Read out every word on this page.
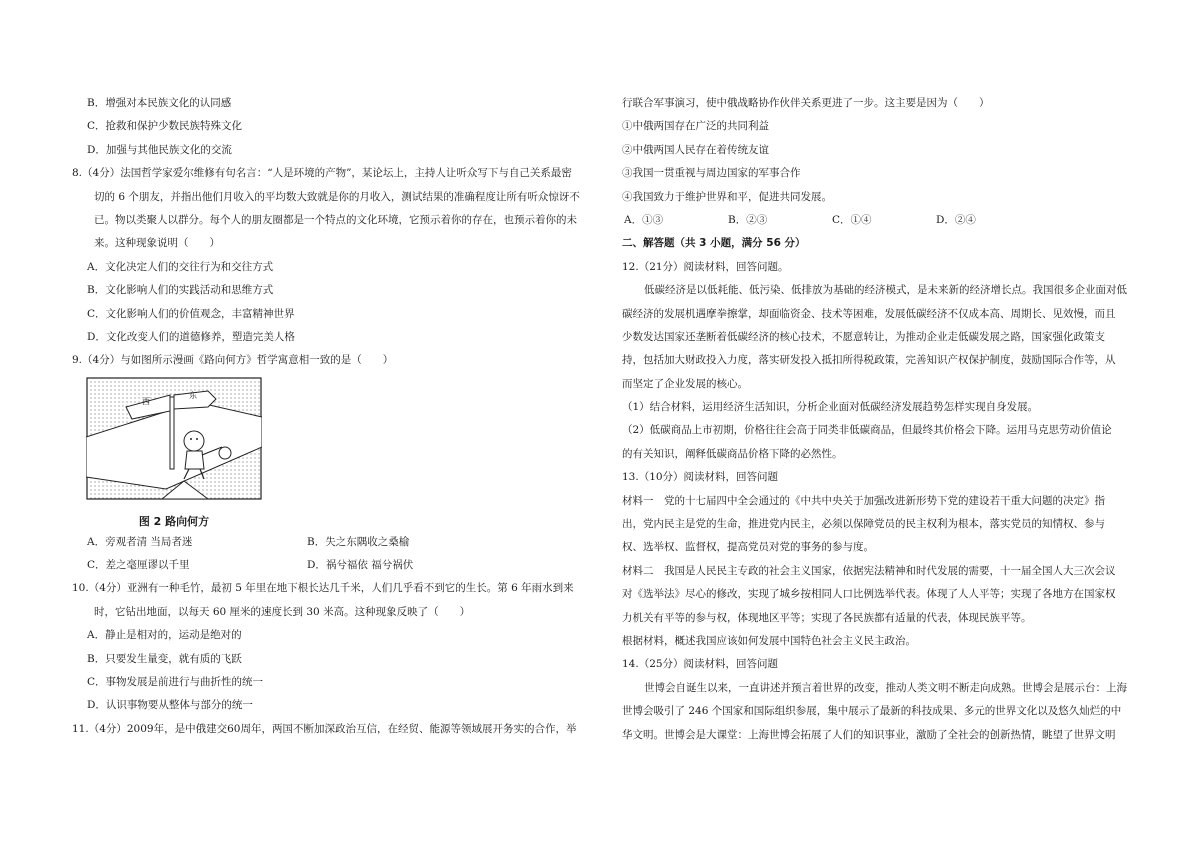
B．增强对本民族文化的认同感
C．抢救和保护少数民族特殊文化
D．加强与其他民族文化的交流
8.（4分）法国哲学家爱尔维修有句名言：“人是环境的产物”，某论坛上，主持人让听众写下与自己关系最密
切的 6 个朋友，并指出他们月收入的平均数大致就是你的月收入，测试结果的准确程度让所有听众惊讶不
已。物以类聚人以群分。每个人的朋友圈都是一个特点的文化环境，它预示着你的存在，也预示着你的未
来。这种现象说明（　　）
A．文化决定人们的交往行为和交往方式
B．文化影响人们的实践活动和思维方式
C．文化影响人们的价值观念，丰富精神世界
D．文化改变人们的道德修养，塑造完美人格
9.（4分）与如图所示漫画《路向何方》哲学寓意相一致的是（　　）
西
东
图 2 路向何方
A．旁观者清 当局者迷	B．失之东隅收之桑榆
C．差之毫厘谬以千里	D．祸兮福依 福兮祸伏
10.（4分）亚洲有一种毛竹，最初 5 年里在地下根长达几千米，人们几乎看不到它的生长。第 6 年雨水到来
时，它钻出地面，以每天 60 厘米的速度长到 30 米高。这种现象反映了（　　）
A．静止是相对的，运动是绝对的
B．只要发生量变，就有质的飞跃
C．事物发展是前进行与曲折性的统一
D．认识事物要从整体与部分的统一
11.（4分）2009年，是中俄建交60周年，两国不断加深政治互信，在经贸、能源等领域展开务实的合作，举
行联合军事演习，使中俄战略协作伙伴关系更进了一步。这主要是因为（　　）
①中俄两国存在广泛的共同利益
②中俄两国人民存在着传统友谊
③我国一贯重视与周边国家的军事合作
④我国致力于维护世界和平，促进共同发展。
A．①③	B．②③	C．①④	D．②④
二、解答题（共 3 小题，满分 56 分）
12.（21分）阅读材料，回答问题。
低碳经济是以低耗能、低污染、低排放为基础的经济模式，是未来新的经济增长点。我国很多企业面对低
碳经济的发展机遇摩拳擦掌，却面临资金、技术等困难，发展低碳经济不仅成本高、周期长、见效慢，而且
少数发达国家还垄断着低碳经济的核心技术，不愿意转让，为推动企业走低碳发展之路，国家强化政策支
持，包括加大财政投入力度，落实研发投入抵扣所得税政策，完善知识产权保护制度，鼓励国际合作等，从
而坚定了企业发展的核心。
（1）结合材料，运用经济生活知识，分析企业面对低碳经济发展趋势怎样实现自身发展。
（2）低碳商品上市初期，价格往往会高于同类非低碳商品，但最终其价格会下降。运用马克思劳动价值论
的有关知识，阐释低碳商品价格下降的必然性。
13.（10分）阅读材料，回答问题
材料一　党的十七届四中全会通过的《中共中央关于加强改进新形势下党的建设若干重大问题的决定》指
出，党内民主是党的生命，推进党内民主，必须以保障党员的民主权利为根本，落实党员的知情权、参与
权、选举权、监督权，提高党员对党的事务的参与度。
材料二　我国是人民民主专政的社会主义国家，依据宪法精神和时代发展的需要，十一届全国人大三次会议
对《选举法》尽心的修改，实现了城乡按相同人口比例选举代表。体现了人人平等；实现了各地方在国家权
力机关有平等的参与权，体现地区平等；实现了各民族都有适量的代表，体现民族平等。
根据材料，概述我国应该如何发展中国特色社会主义民主政治。
14.（25分）阅读材料，回答问题
世博会自诞生以来，一直讲述并预言着世界的改变，推动人类文明不断走向成熟。世博会是展示台：上海
世博会吸引了 246 个国家和国际组织参展，集中展示了最新的科技成果、多元的世界文化以及悠久灿烂的中
华文明。世博会是大课堂：上海世博会拓展了人们的知识事业，激励了全社会的创新热情，眺望了世界文明
